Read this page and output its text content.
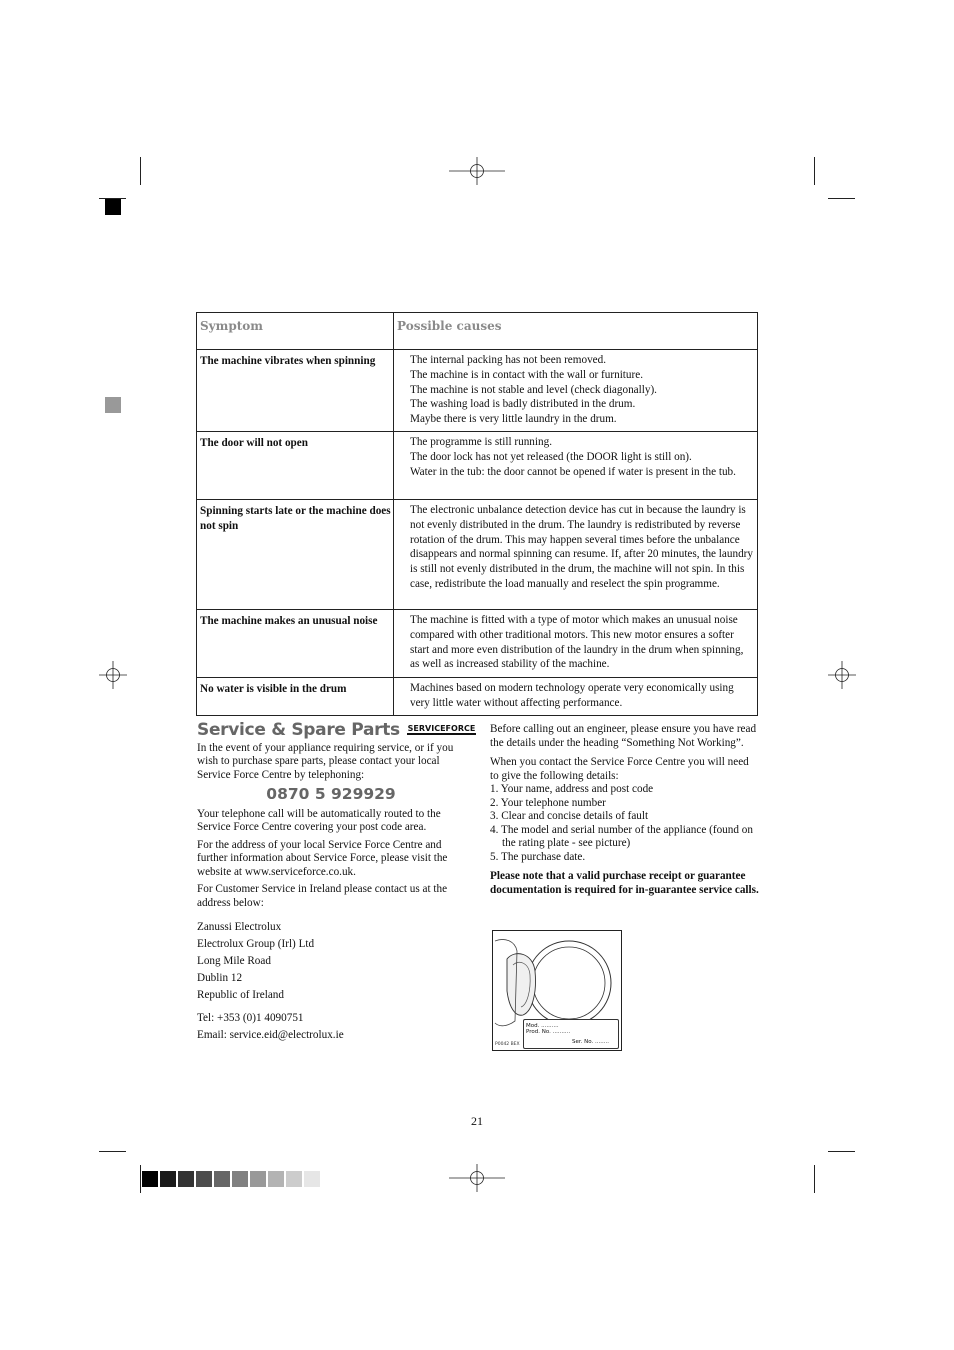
Symptom	Possible causes
The machine vibrates when spinning	The internal packing has not been removed.
The machine is in contact with the wall or furniture.
The machine is not stable and level (check diagonally).
The washing load is badly distributed in the drum.
Maybe there is very little laundry in the drum.

The door will not open	The programme is still running.
The door lock has not yet released (the DOOR light is still on).
Water in the tub: the door cannot be opened if water is present in the tub.

Spinning starts late or the machine does not spin	The electronic unbalance detection device has cut in because the laundry is not evenly distributed in the drum. The laundry is redistributed by reverse rotation of the drum. This may happen several times before the unbalance disappears and normal spinning can resume. If, after 20 minutes, the laundry is still not evenly distributed in the drum, the machine will not spin. In this case, redistribute the load manually and reselect the spin programme.

The machine makes an unusual noise	The machine is fitted with a type of motor which makes an unusual noise compared with other traditional motors. This new motor ensures a softer start and more even distribution of the laundry in the drum when spinning, as well as increased stability of the machine.

No water is visible in the drum	Machines based on modern technology operate very economically using very little water without affecting performance.
Service & Spare Parts $^{SERVICEFORCE}$

In the event of your appliance requiring service, or if you wish to purchase spare parts, please contact your local Service Force Centre by telephoning:

0870 5 929929

Your telephone call will be automatically routed to the Service Force Centre covering your post code area.

For the address of your local Service Force Centre and further information about Service Force, please visit the website at www.serviceforce.co.uk.

For Customer Service in Ireland please contact us at the address below:

Zanussi Electrolux
Electrolux Group (Irl) Ltd
Long Mile Road
Dublin 12
Republic of Ireland
Tel: +353 (0)1 4090751
Email: service.eid@electrolux.ie

Before calling out an engineer, please ensure you have read the details under the heading “Something Not Working”.

When you contact the Service Force Centre you will need to give the following details:

1. Your name, address and post code
2. Your telephone number
3. Clear and concise details of fault
4. The model and serial number of the appliance (found on the rating plate - see picture)
5. The purchase date.

Please note that a valid purchase receipt or guarantee documentation is required for in-guarantee service calls.

Mod. ..........
Prod. No. ..........
Ser. No. ........
P0042 BEX
21
